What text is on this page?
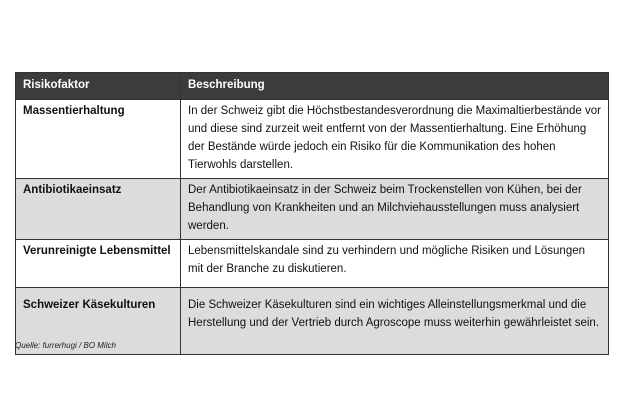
Risikofaktor	Beschreibung
Massentierhaltung	In der Schweiz gibt die Höchstbestandesverordnung die Maximaltierbestände vor und diese sind zurzeit weit entfernt von der Massentierhaltung. Eine Erhöhung der Bestände würde jedoch ein Risiko für die Kommunikation des hohen Tierwohls darstellen.
Antibiotikaeinsatz	Der Antibiotikaeinsatz in der Schweiz beim Trockenstellen von Kühen, bei der Behandlung von Krankheiten und an Milchviehausstellungen muss analysiert werden.
Verunreinigte Lebensmittel	Lebensmittelskandale sind zu verhindern und mögliche Risiken und Lösungen mit der Branche zu diskutieren.
Schweizer Käsekulturen	Die Schweizer Käsekulturen sind ein wichtiges Alleinstellungsmerkmal und die Herstellung und der Vertrieb durch Agroscope muss weiterhin gewährleistet sein.
Quelle: furrerhugi / BO Milch
